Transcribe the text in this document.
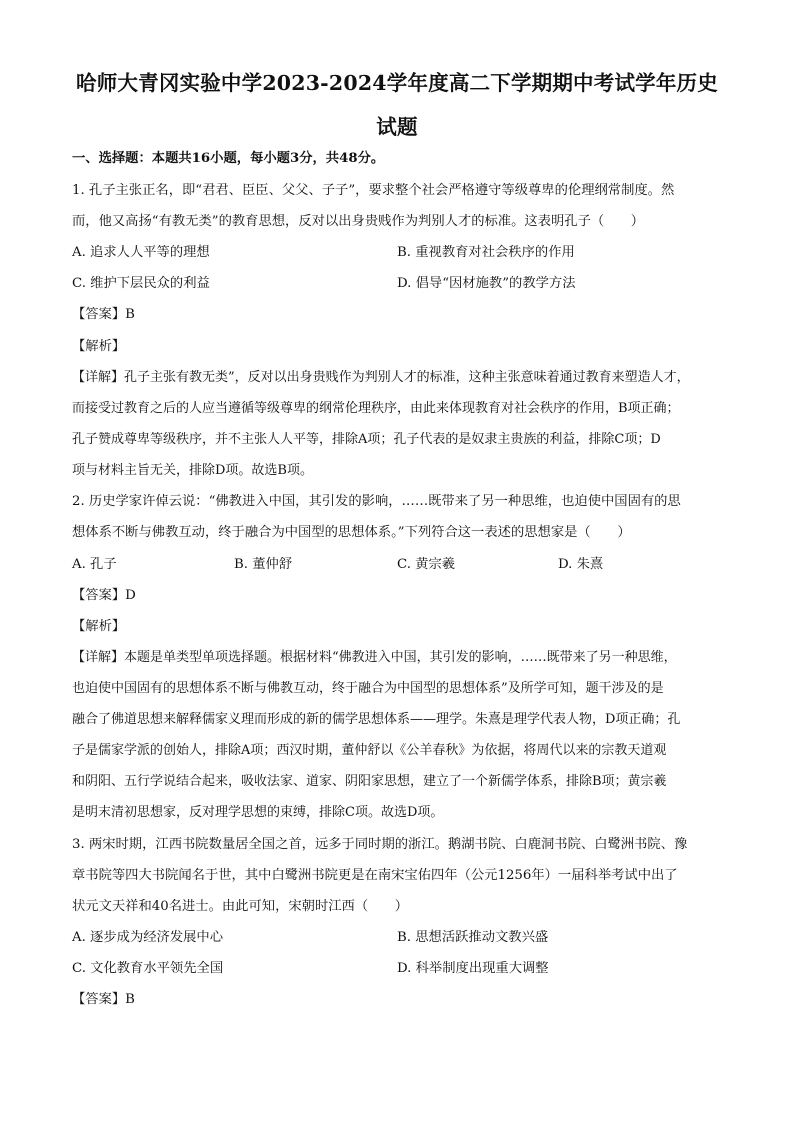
哈师大青冈实验中学2023-2024学年度高二下学期期中考试学年历史
试题
一、选择题：本题共16小题，每小题3分，共48分。
1. 孔子主张正名，即“君君、臣臣、父父、子子”，要求整个社会严格遵守等级尊卑的伦理纲常制度。然
而，他又高扬“有教无类”的教育思想，反对以出身贵贱作为判别人才的标准。这表明孔子（　　）
A. 追求人人平等的理想	B. 重视教育对社会秩序的作用
C. 维护下层民众的利益	D. 倡导“因材施教”的教学方法
【答案】B
【解析】
【详解】孔子主张有教无类”，反对以出身贵贱作为判别人才的标准，这种主张意味着通过教育来塑造人才，
而接受过教育之后的人应当遵循等级尊卑的纲常伦理秩序，由此来体现教育对社会秩序的作用，B项正确；
孔子赞成尊卑等级秩序，并不主张人人平等，排除A项；孔子代表的是奴隶主贵族的利益，排除C项；D
项与材料主旨无关，排除D项。故选B项。
2. 历史学家许倬云说：“佛教进入中国，其引发的影响，……既带来了另一种思维，也迫使中国固有的思
想体系不断与佛教互动，终于融合为中国型的思想体系。”下列符合这一表述的思想家是（　　）
A. 孔子	B. 董仲舒	C. 黄宗羲	D. 朱熹
【答案】D
【解析】
【详解】本题是单类型单项选择题。根据材料“佛教进入中国，其引发的影响，……既带来了另一种思维，
也迫使中国固有的思想体系不断与佛教互动，终于融合为中国型的思想体系”及所学可知，题干涉及的是
融合了佛道思想来解释儒家义理而形成的新的儒学思想体系——理学。朱熹是理学代表人物，D项正确；孔
子是儒家学派的创始人，排除A项；西汉时期，董仲舒以《公羊春秋》为依据，将周代以来的宗教天道观
和阴阳、五行学说结合起来，吸收法家、道家、阴阳家思想，建立了一个新儒学体系，排除B项；黄宗羲
是明末清初思想家，反对理学思想的束缚，排除C项。故选D项。
3. 两宋时期，江西书院数量居全国之首，远多于同时期的浙江。鹅湖书院、白鹿洞书院、白鹭洲书院、豫
章书院等四大书院闻名于世，其中白鹭洲书院更是在南宋宝佑四年（公元1256年）一届科举考试中出了
状元文天祥和40名进士。由此可知，宋朝时江西（　　）
A. 逐步成为经济发展中心	B. 思想活跃推动文教兴盛
C. 文化教育水平领先全国	D. 科举制度出现重大调整
【答案】B
